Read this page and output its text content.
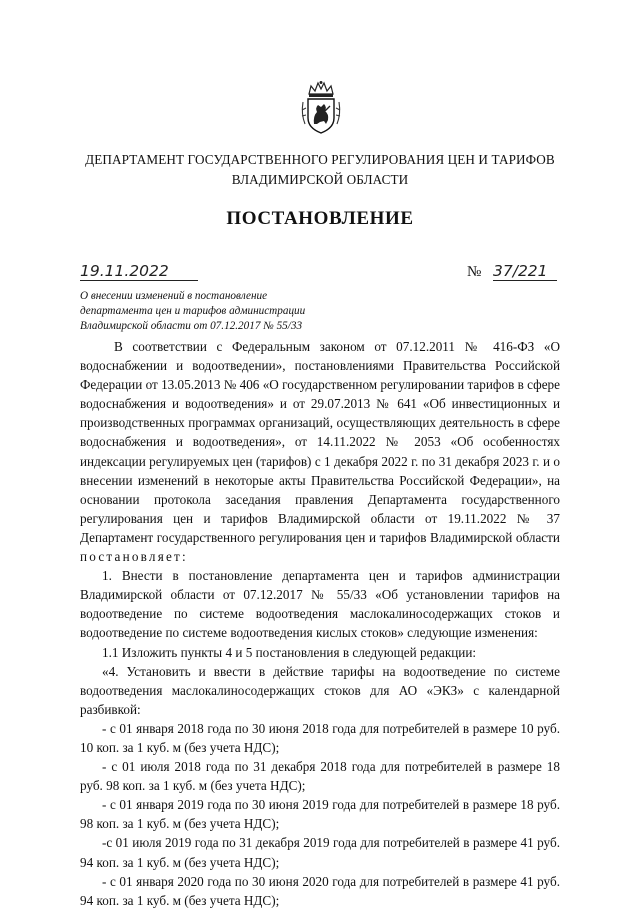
ДЕПАРТАМЕНТ ГОСУДАРСТВЕННОГО РЕГУЛИРОВАНИЯ ЦЕН И ТАРИФОВ
ВЛАДИМИРСКОЙ ОБЛАСТИ
ПОСТАНОВЛЕНИЕ
19.11.2022	№ 37/221
О внесении изменений в постановление
департамента цен и тарифов администрации
Владимирской области от 07.12.2017 № 55/33

В соответствии с Федеральным законом от 07.12.2011 № 416-ФЗ «О водоснабжении и водоотведении», постановлениями Правительства Российской Федерации от 13.05.2013 № 406 «О государственном регулировании тарифов в сфере водоснабжения и водоотведения» и от 29.07.2013 № 641 «Об инвестиционных и производственных программах организаций, осуществляющих деятельность в сфере водоснабжения и водоотведения», от 14.11.2022 № 2053 «Об особенностях индексации регулируемых цен (тарифов) с 1 декабря 2022 г. по 31 декабря 2023 г. и о внесении изменений в некоторые акты Правительства Российской Федерации», на основании протокола заседания правления Департамента государственного регулирования цен и тарифов Владимирской области от 19.11.2022 № 37 Департамент государственного регулирования цен и тарифов Владимирской области постановляет:

1. Внести в постановление департамента цен и тарифов администрации Владимирской области от 07.12.2017 № 55/33 «Об установлении тарифов на водоотведение по системе водоотведения маслокалиносодержащих стоков и водоотведение по системе водоотведения кислых стоков» следующие изменения:

1.1 Изложить пункты 4 и 5 постановления в следующей редакции:

«4. Установить и ввести в действие тарифы на водоотведение по системе водоотведения маслокалиносодержащих стоков для АО «ЭКЗ» с календарной разбивкой:

- с 01 января 2018 года по 30 июня 2018 года для потребителей в размере 10 руб. 10 коп. за 1 куб. м (без учета НДС);

- с 01 июля 2018 года по 31 декабря 2018 года для потребителей в размере 18 руб. 98 коп. за 1 куб. м (без учета НДС);

- с 01 января 2019 года по 30 июня 2019 года для потребителей в размере 18 руб. 98 коп. за 1 куб. м (без учета НДС);

-с 01 июля 2019 года по 31 декабря 2019 года для потребителей в размере 41 руб. 94 коп. за 1 куб. м (без учета НДС);

- с 01 января 2020 года по 30 июня 2020 года для потребителей в размере 41 руб. 94 коп. за 1 куб. м (без учета НДС);
